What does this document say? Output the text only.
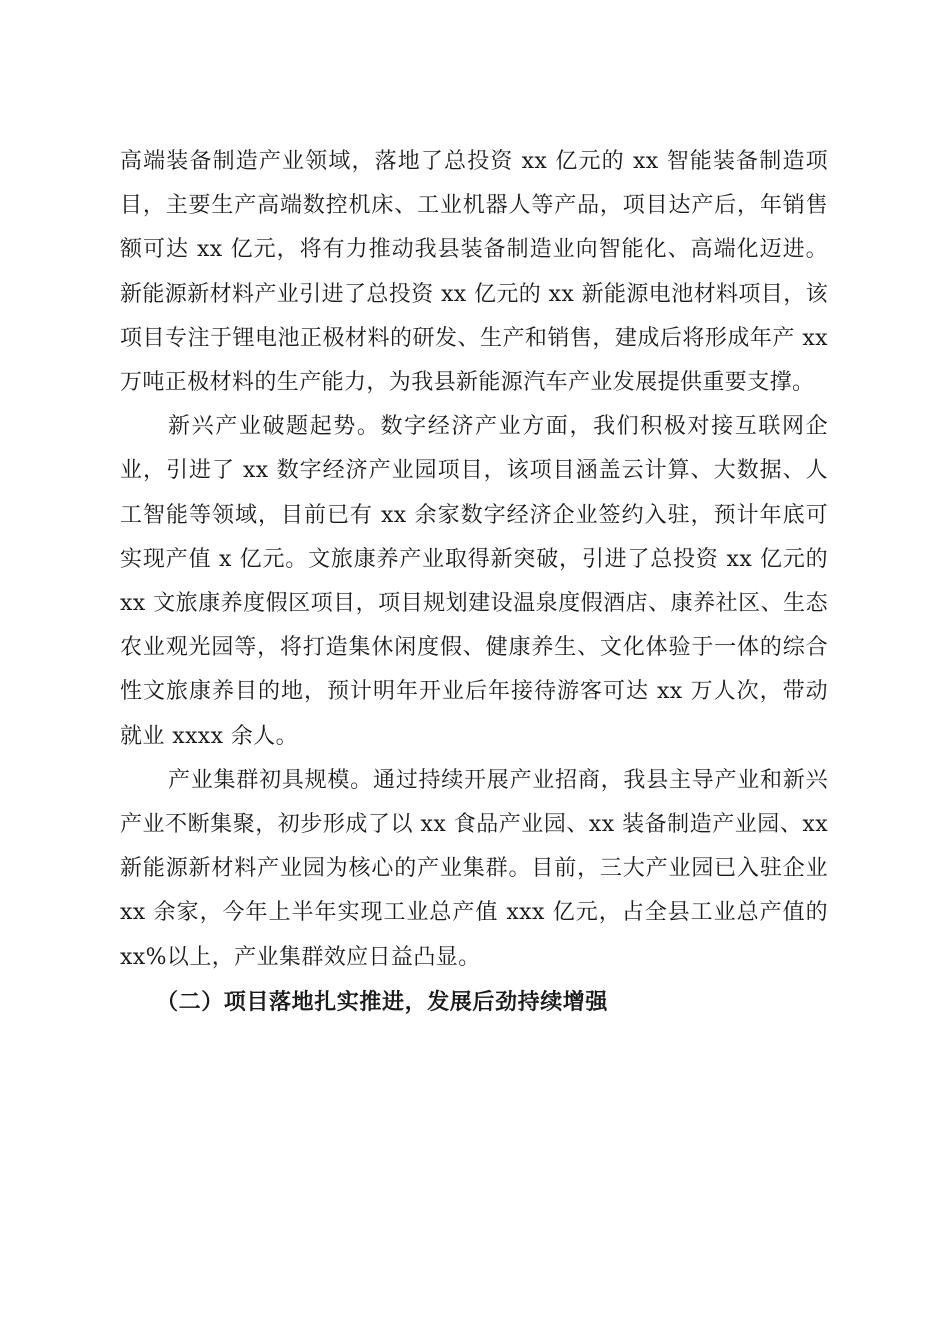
高端装备制造产业领域，落地了总投资 xx 亿元的 xx 智能装备制造项目，主要生产高端数控机床、工业机器人等产品，项目达产后，年销售额可达 xx 亿元，将有力推动我县装备制造业向智能化、高端化迈进。新能源新材料产业引进了总投资 xx 亿元的 xx 新能源电池材料项目，该项目专注于锂电池正极材料的研发、生产和销售，建成后将形成年产 xx 万吨正极材料的生产能力，为我县新能源汽车产业发展提供重要支撑。

新兴产业破题起势。数字经济产业方面，我们积极对接互联网企业，引进了 xx 数字经济产业园项目，该项目涵盖云计算、大数据、人工智能等领域，目前已有 xx 余家数字经济企业签约入驻，预计年底可实现产值 x 亿元。文旅康养产业取得新突破，引进了总投资 xx 亿元的 xx 文旅康养度假区项目，项目规划建设温泉度假酒店、康养社区、生态农业观光园等，将打造集休闲度假、健康养生、文化体验于一体的综合性文旅康养目的地，预计明年开业后年接待游客可达 xx 万人次，带动就业 xxxx 余人。

产业集群初具规模。通过持续开展产业招商，我县主导产业和新兴产业不断集聚，初步形成了以 xx 食品产业园、xx 装备制造产业园、xx 新能源新材料产业园为核心的产业集群。目前，三大产业园已入驻企业 xx 余家，今年上半年实现工业总产值 xxx 亿元，占全县工业总产值的 xx%以上，产业集群效应日益凸显。

（二）项目落地扎实推进，发展后劲持续增强
